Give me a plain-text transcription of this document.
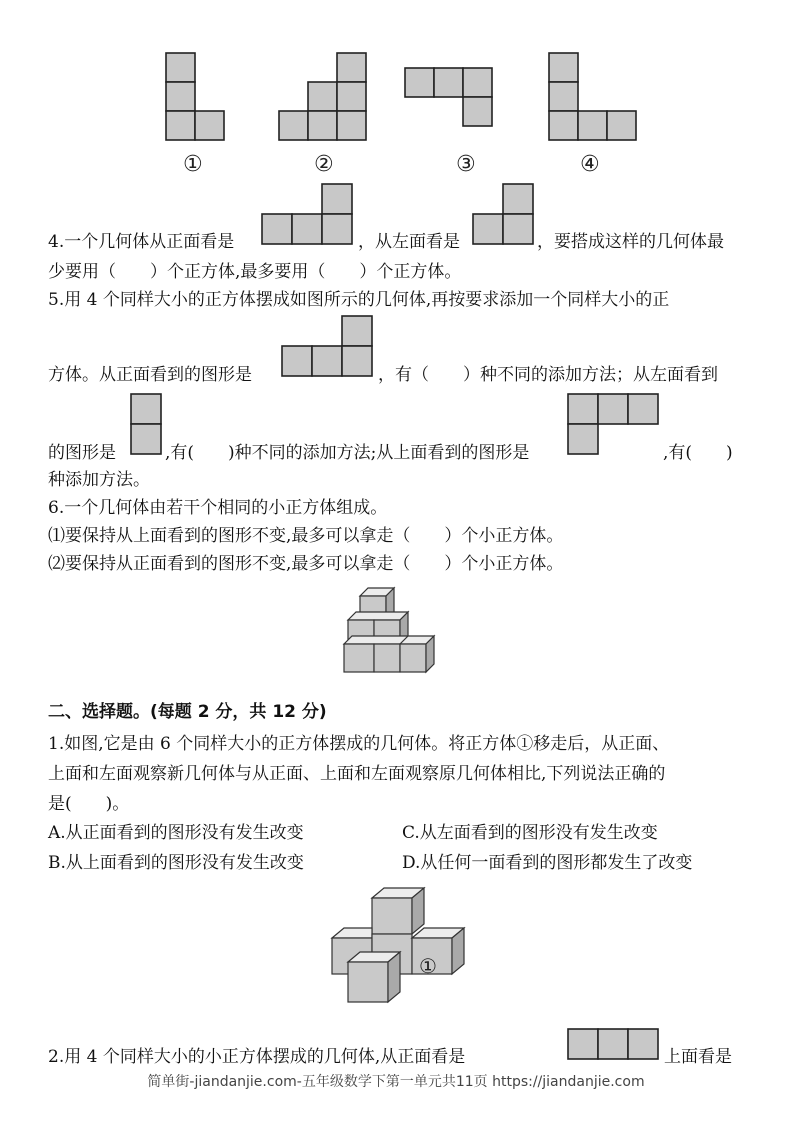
①	②	③	④
4.一个几何体从正面看是	，从左面看是	，要搭成这样的几何体最
少要用（　　）个正方体,最多要用（　　）个正方体。
5.用 4 个同样大小的正方体摆成如图所示的几何体,再按要求添加一个同样大小的正
方体。从正面看到的图形是	，有（　　）种不同的添加方法；从左面看到
的图形是	,有(　　)种不同的添加方法;从上面看到的图形是	,有(　　)
种添加方法。
6.一个几何体由若干个相同的小正方体组成。
⑴要保持从上面看到的图形不变,最多可以拿走（　　）个小正方体。
⑵要保持从正面看到的图形不变,最多可以拿走（　　）个小正方体。
二、选择题。(每题 2 分，共 12 分)
1.如图,它是由 6 个同样大小的正方体摆成的几何体。将正方体①移走后，从正面、
上面和左面观察新几何体与从正面、上面和左面观察原几何体相比,下列说法正确的
是(　　)。
A.从正面看到的图形没有发生改变	C.从左面看到的图形没有发生改变
B.从上面看到的图形没有发生改变	D.从任何一面看到的图形都发生了改变
①
2.用 4 个同样大小的小正方体摆成的几何体,从正面看是	上面看是
简单街-jiandanjie.com-五年级数学下第一单元共11页 https://jiandanjie.com
